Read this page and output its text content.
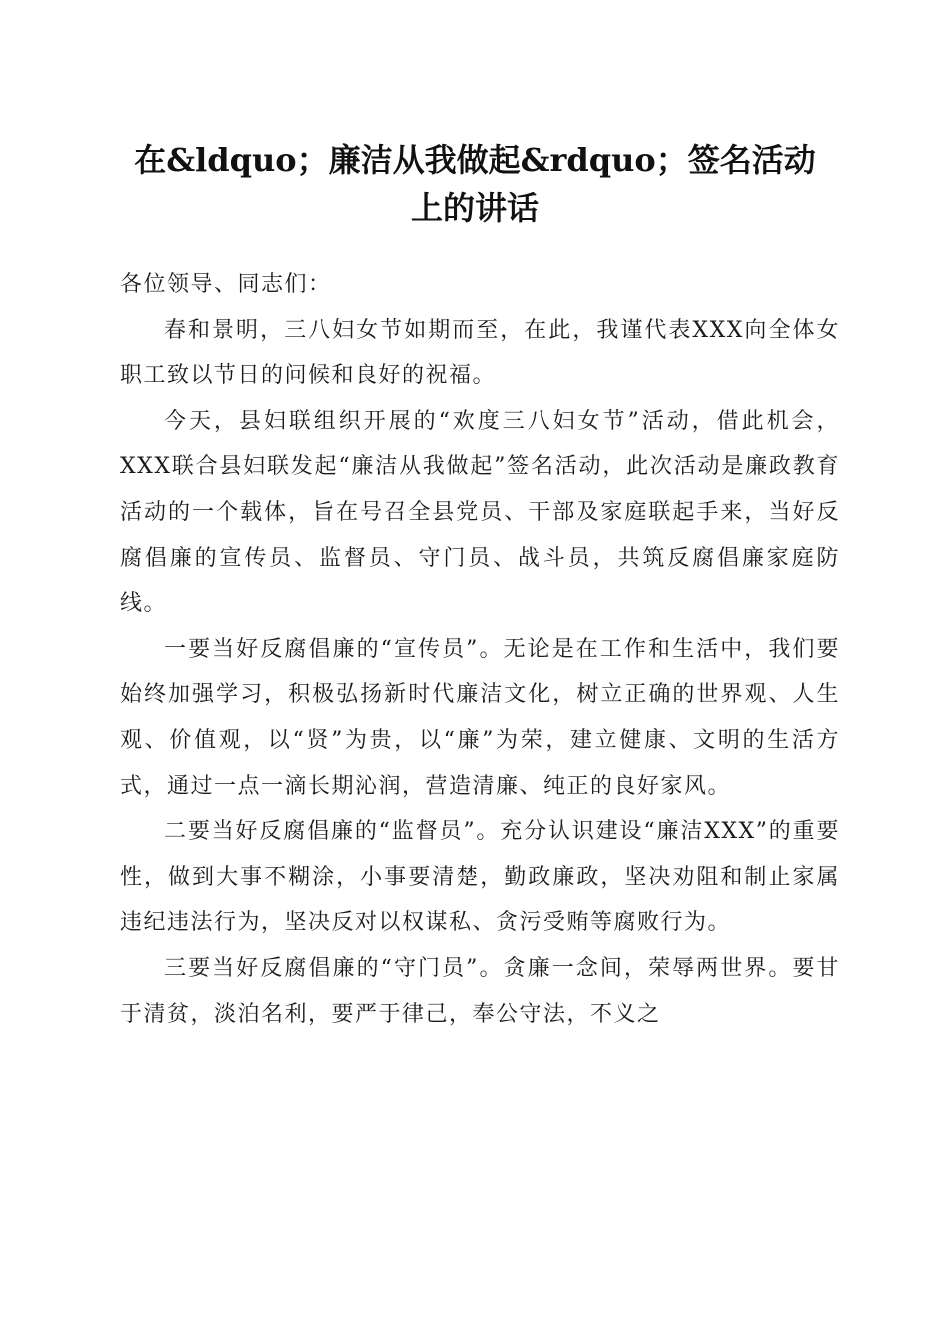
在&ldquo；廉洁从我做起&rdquo；签名活动
上的讲话

各位领导、同志们：

春和景明，三八妇女节如期而至，在此，我谨代表XXX向全体女职工致以节日的问候和良好的祝福。

今天，县妇联组织开展的“欢度三八妇女节”活动，借此机会，XXX联合县妇联发起“廉洁从我做起”签名活动，此次活动是廉政教育活动的一个载体，旨在号召全县党员、干部及家庭联起手来，当好反腐倡廉的宣传员、监督员、守门员、战斗员，共筑反腐倡廉家庭防线。

一要当好反腐倡廉的“宣传员”。无论是在工作和生活中，我们要始终加强学习，积极弘扬新时代廉洁文化，树立正确的世界观、人生观、价值观，以“贤”为贵，以“廉”为荣，建立健康、文明的生活方式，通过一点一滴长期沁润，营造清廉、纯正的良好家风。

二要当好反腐倡廉的“监督员”。充分认识建设“廉洁XXX”的重要性，做到大事不糊涂，小事要清楚，勤政廉政，坚决劝阻和制止家属违纪违法行为，坚决反对以权谋私、贪污受贿等腐败行为。

三要当好反腐倡廉的“守门员”。贪廉一念间，荣辱两世界。要甘于清贫，淡泊名利，要严于律己，奉公守法，不义之
